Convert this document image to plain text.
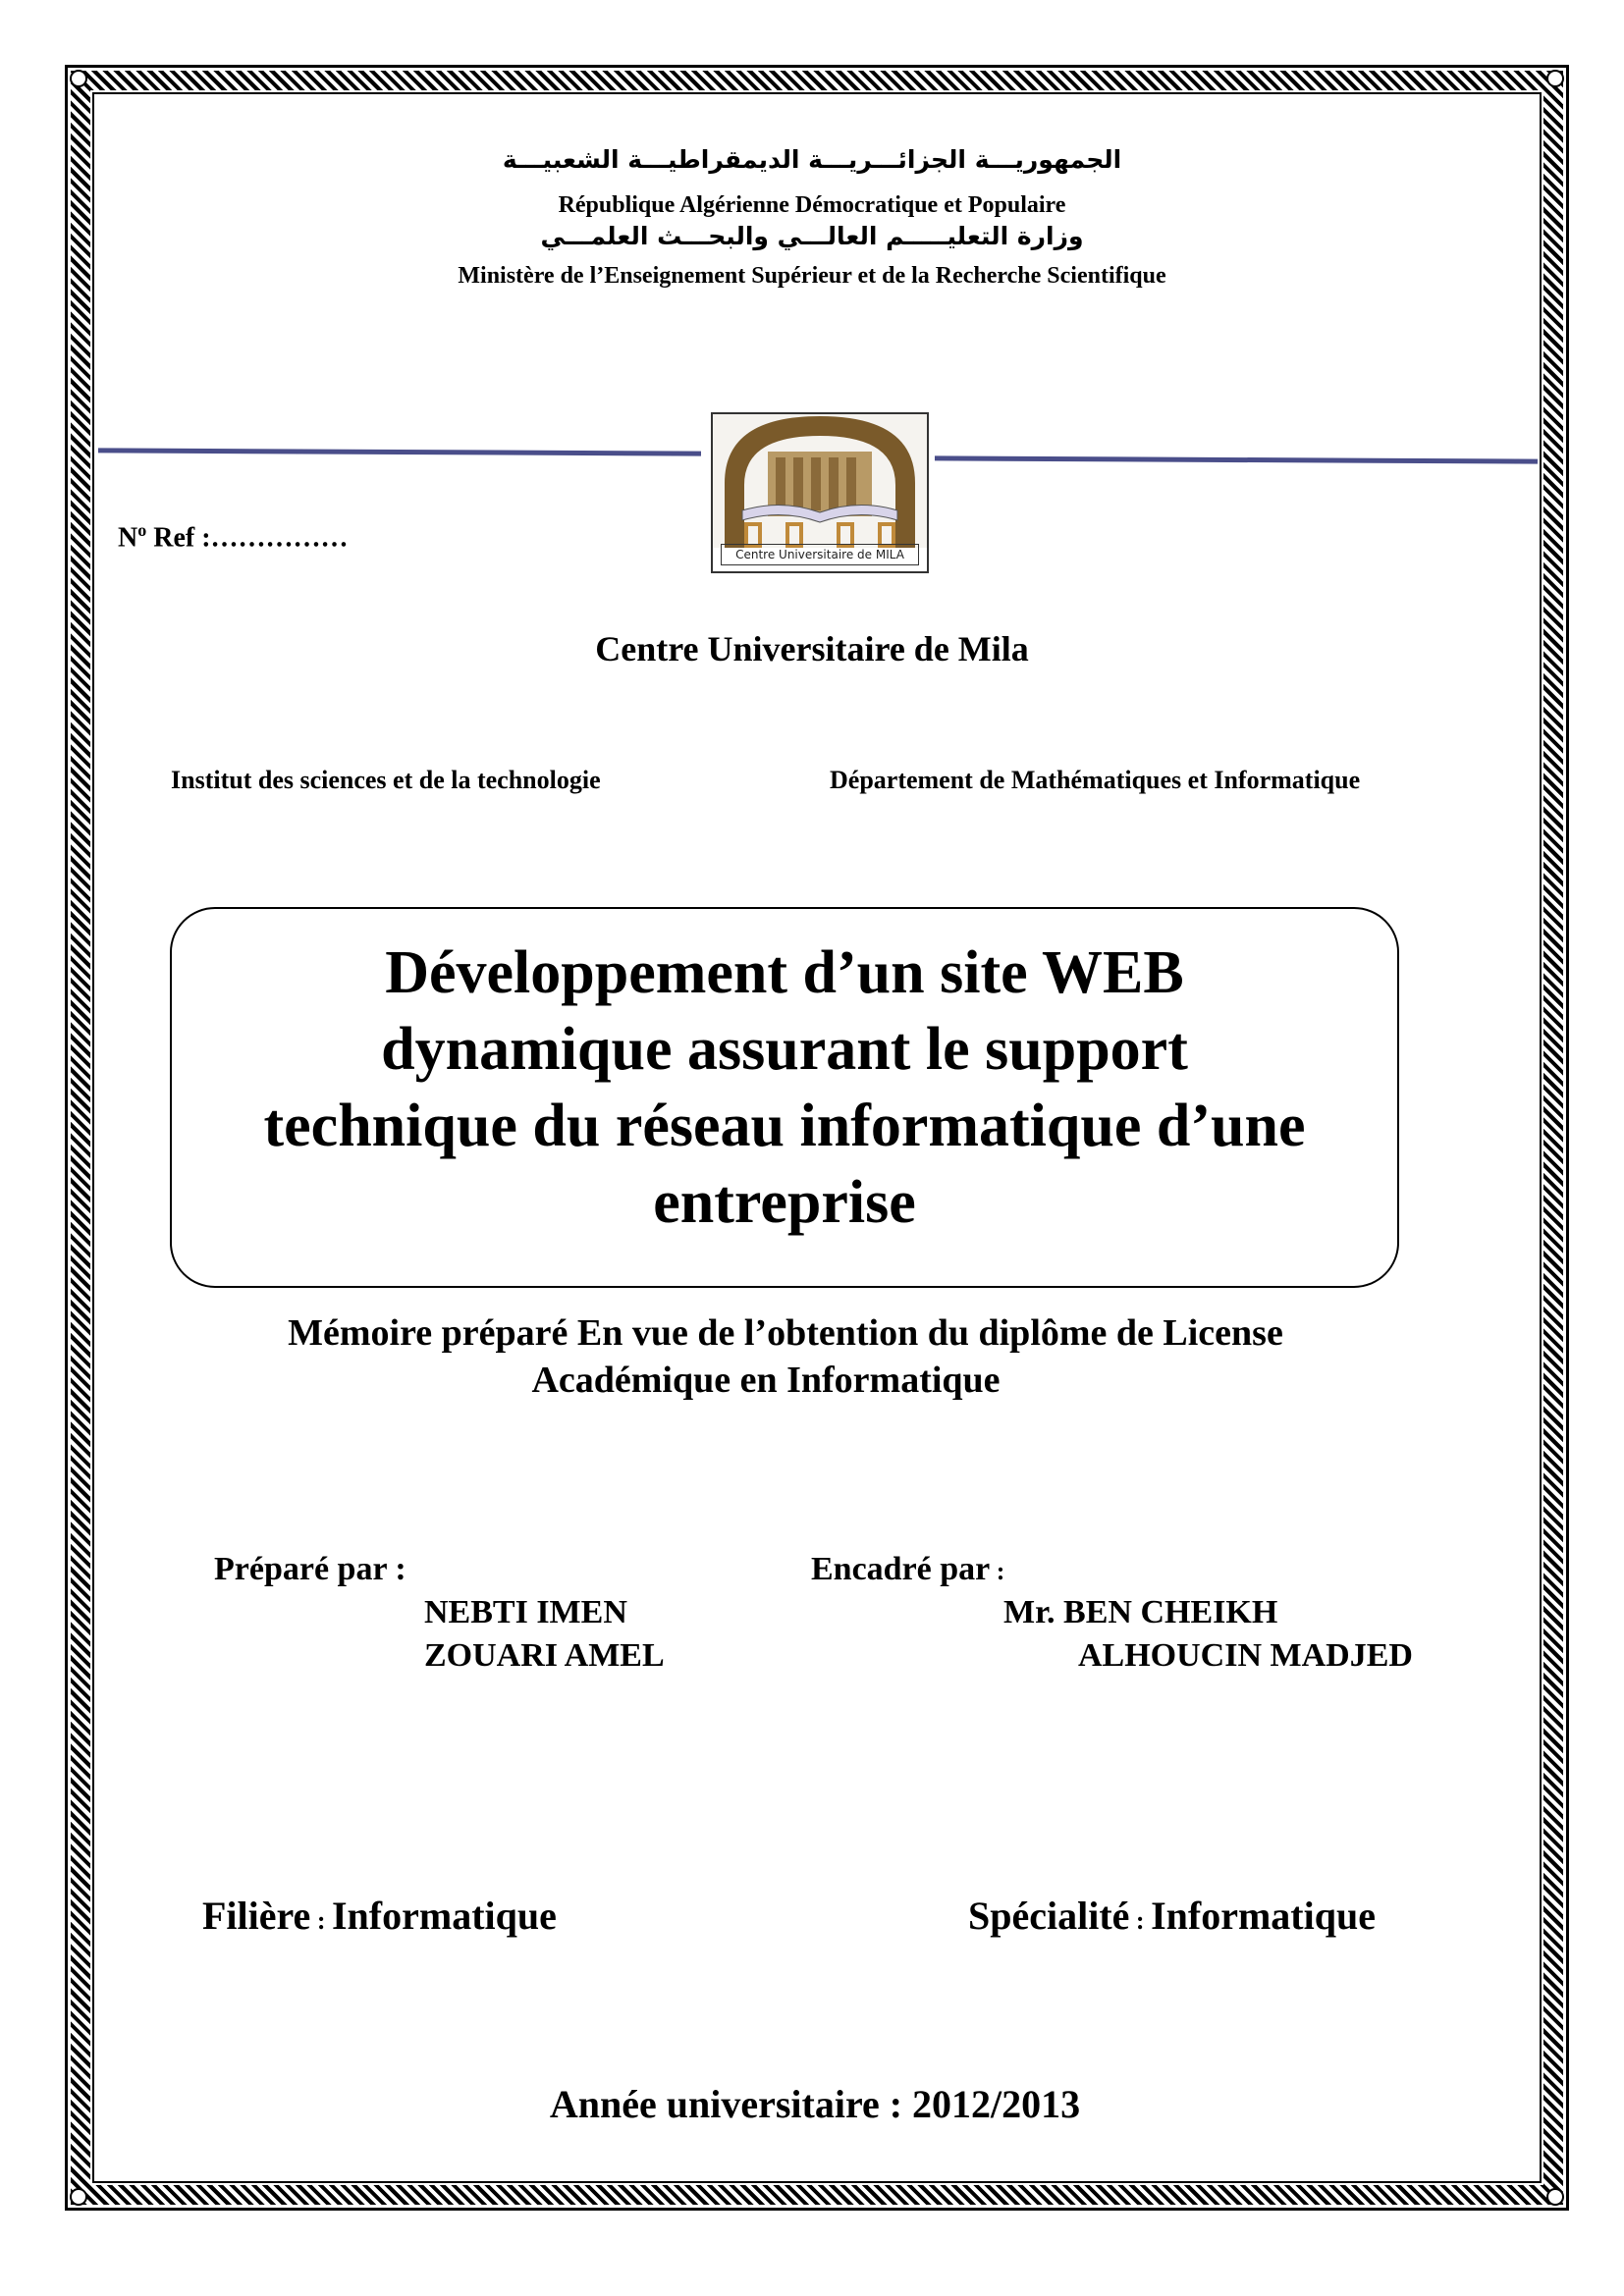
الجمهوريـــة الجزائـــريـــة الديمقراطيـــة الشعبيـــة
République Algérienne Démocratique et Populaire
وزارة التعليـــــم العالـــي والبحـــث العلمـــي
Ministère de l’Enseignement Supérieur et de la Recherche Scientifique
Centre Universitaire de MILA
$N^o$ Ref :……………
Centre Universitaire de Mila
Institut des sciences et de la technologie	Département de Mathématiques et Informatique
Développement d’un site WEB
dynamique assurant le support
technique du réseau informatique d’une
entreprise
Mémoire préparé En vue de l’obtention du diplôme de License
Académique en Informatique
Préparé par :
NEBTI IMEN
ZOUARI AMEL
Encadré par :
Mr. BEN CHEIKH
ALHOUCIN MADJED
Filière : Informatique	Spécialité : Informatique
Année universitaire : 2012/2013
